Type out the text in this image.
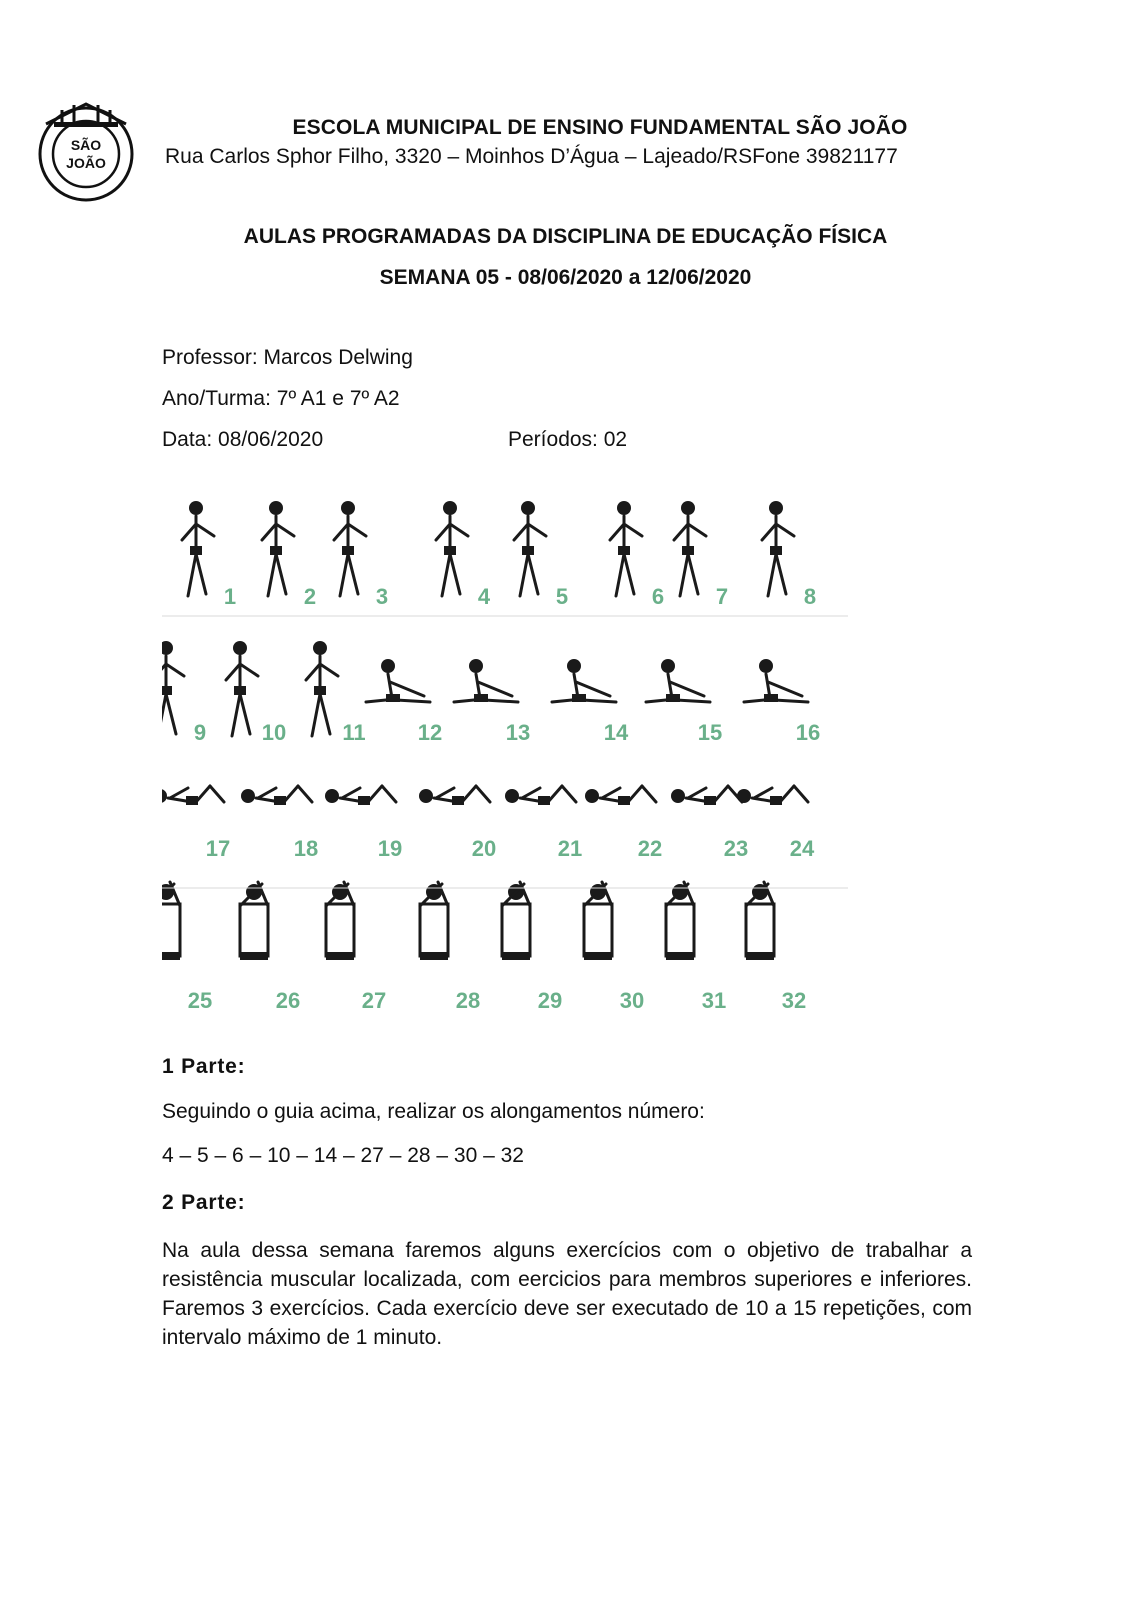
SÃO
JOÃO
ESCOLA MUNICIPAL DE ENSINO FUNDAMENTAL SÃO JOÃO
Rua Carlos Sphor Filho, 3320 – Moinhos D’Água – Lajeado/RSFone 39821177
AULAS PROGRAMADAS DA DISCIPLINA DE EDUCAÇÃO FÍSICA
SEMANA 05 - 08/06/2020 a 12/06/2020
Professor: Marcos Delwing
Ano/Turma: 7º A1 e 7º A2
Data: 08/06/2020	Períodos: 02
1	2	3	4	5	6 7	8
9	10	11 12	13	14	15	16
17	18	19	20	21	22	23 24
25	26	27	28	29	30	31	32
1 Parte:
Seguindo o guia acima, realizar os alongamentos número:
4 – 5 – 6 – 10 – 14 – 27 – 28 – 30 – 32
2 Parte:
Na aula dessa semana faremos alguns exercícios com o objetivo de trabalhar a resistência muscular localizada, com eercicios para membros superiores e inferiores. Faremos 3 exercícios. Cada exercício deve ser executado de 10 a 15 repetições, com intervalo máximo de 1 minuto.
